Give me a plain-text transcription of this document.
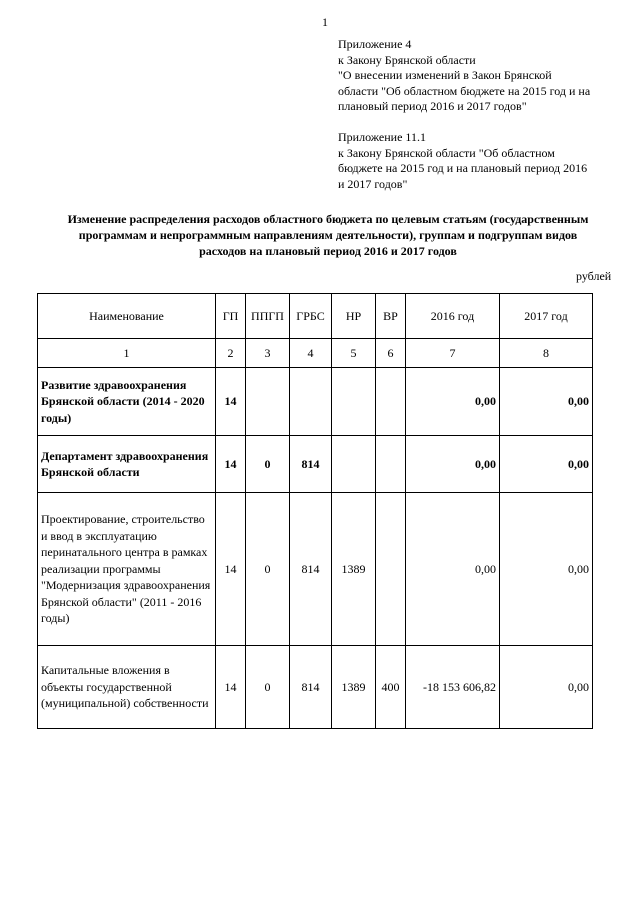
1
Приложение 4
к Закону Брянской области
"О внесении изменений в Закон Брянской
области "Об областном бюджете на 2015 год и на
плановый период 2016 и 2017 годов"
Приложение 11.1
к Закону Брянской области "Об областном
бюджете на 2015 год и на плановый период 2016
и 2017 годов"
Изменение распределения расходов областного бюджета по целевым статьям (государственным
программам и непрограммным направлениям деятельности), группам и подгруппам видов
расходов на плановый период 2016 и 2017 годов
рублей
Наименование	ГП	ППГП	ГРБС	НР	ВР	2016 год	2017 год
1	2	3	4	5	6	7	8
Развитие здравоохранения Брянской области (2014 - 2020 годы)	14					0,00	0,00
Департамент здравоохранения Брянской области	14	0	814			0,00	0,00
Проектирование, строительство и ввод в эксплуатацию перинатального центра в рамках реализации программы "Модернизация здравоохранения Брянской области" (2011 - 2016 годы)	14	0	814	1389		0,00	0,00
Капитальные вложения в объекты государственной (муниципальной) собственности	14	0	814	1389	400	-18 153 606,82	0,00
